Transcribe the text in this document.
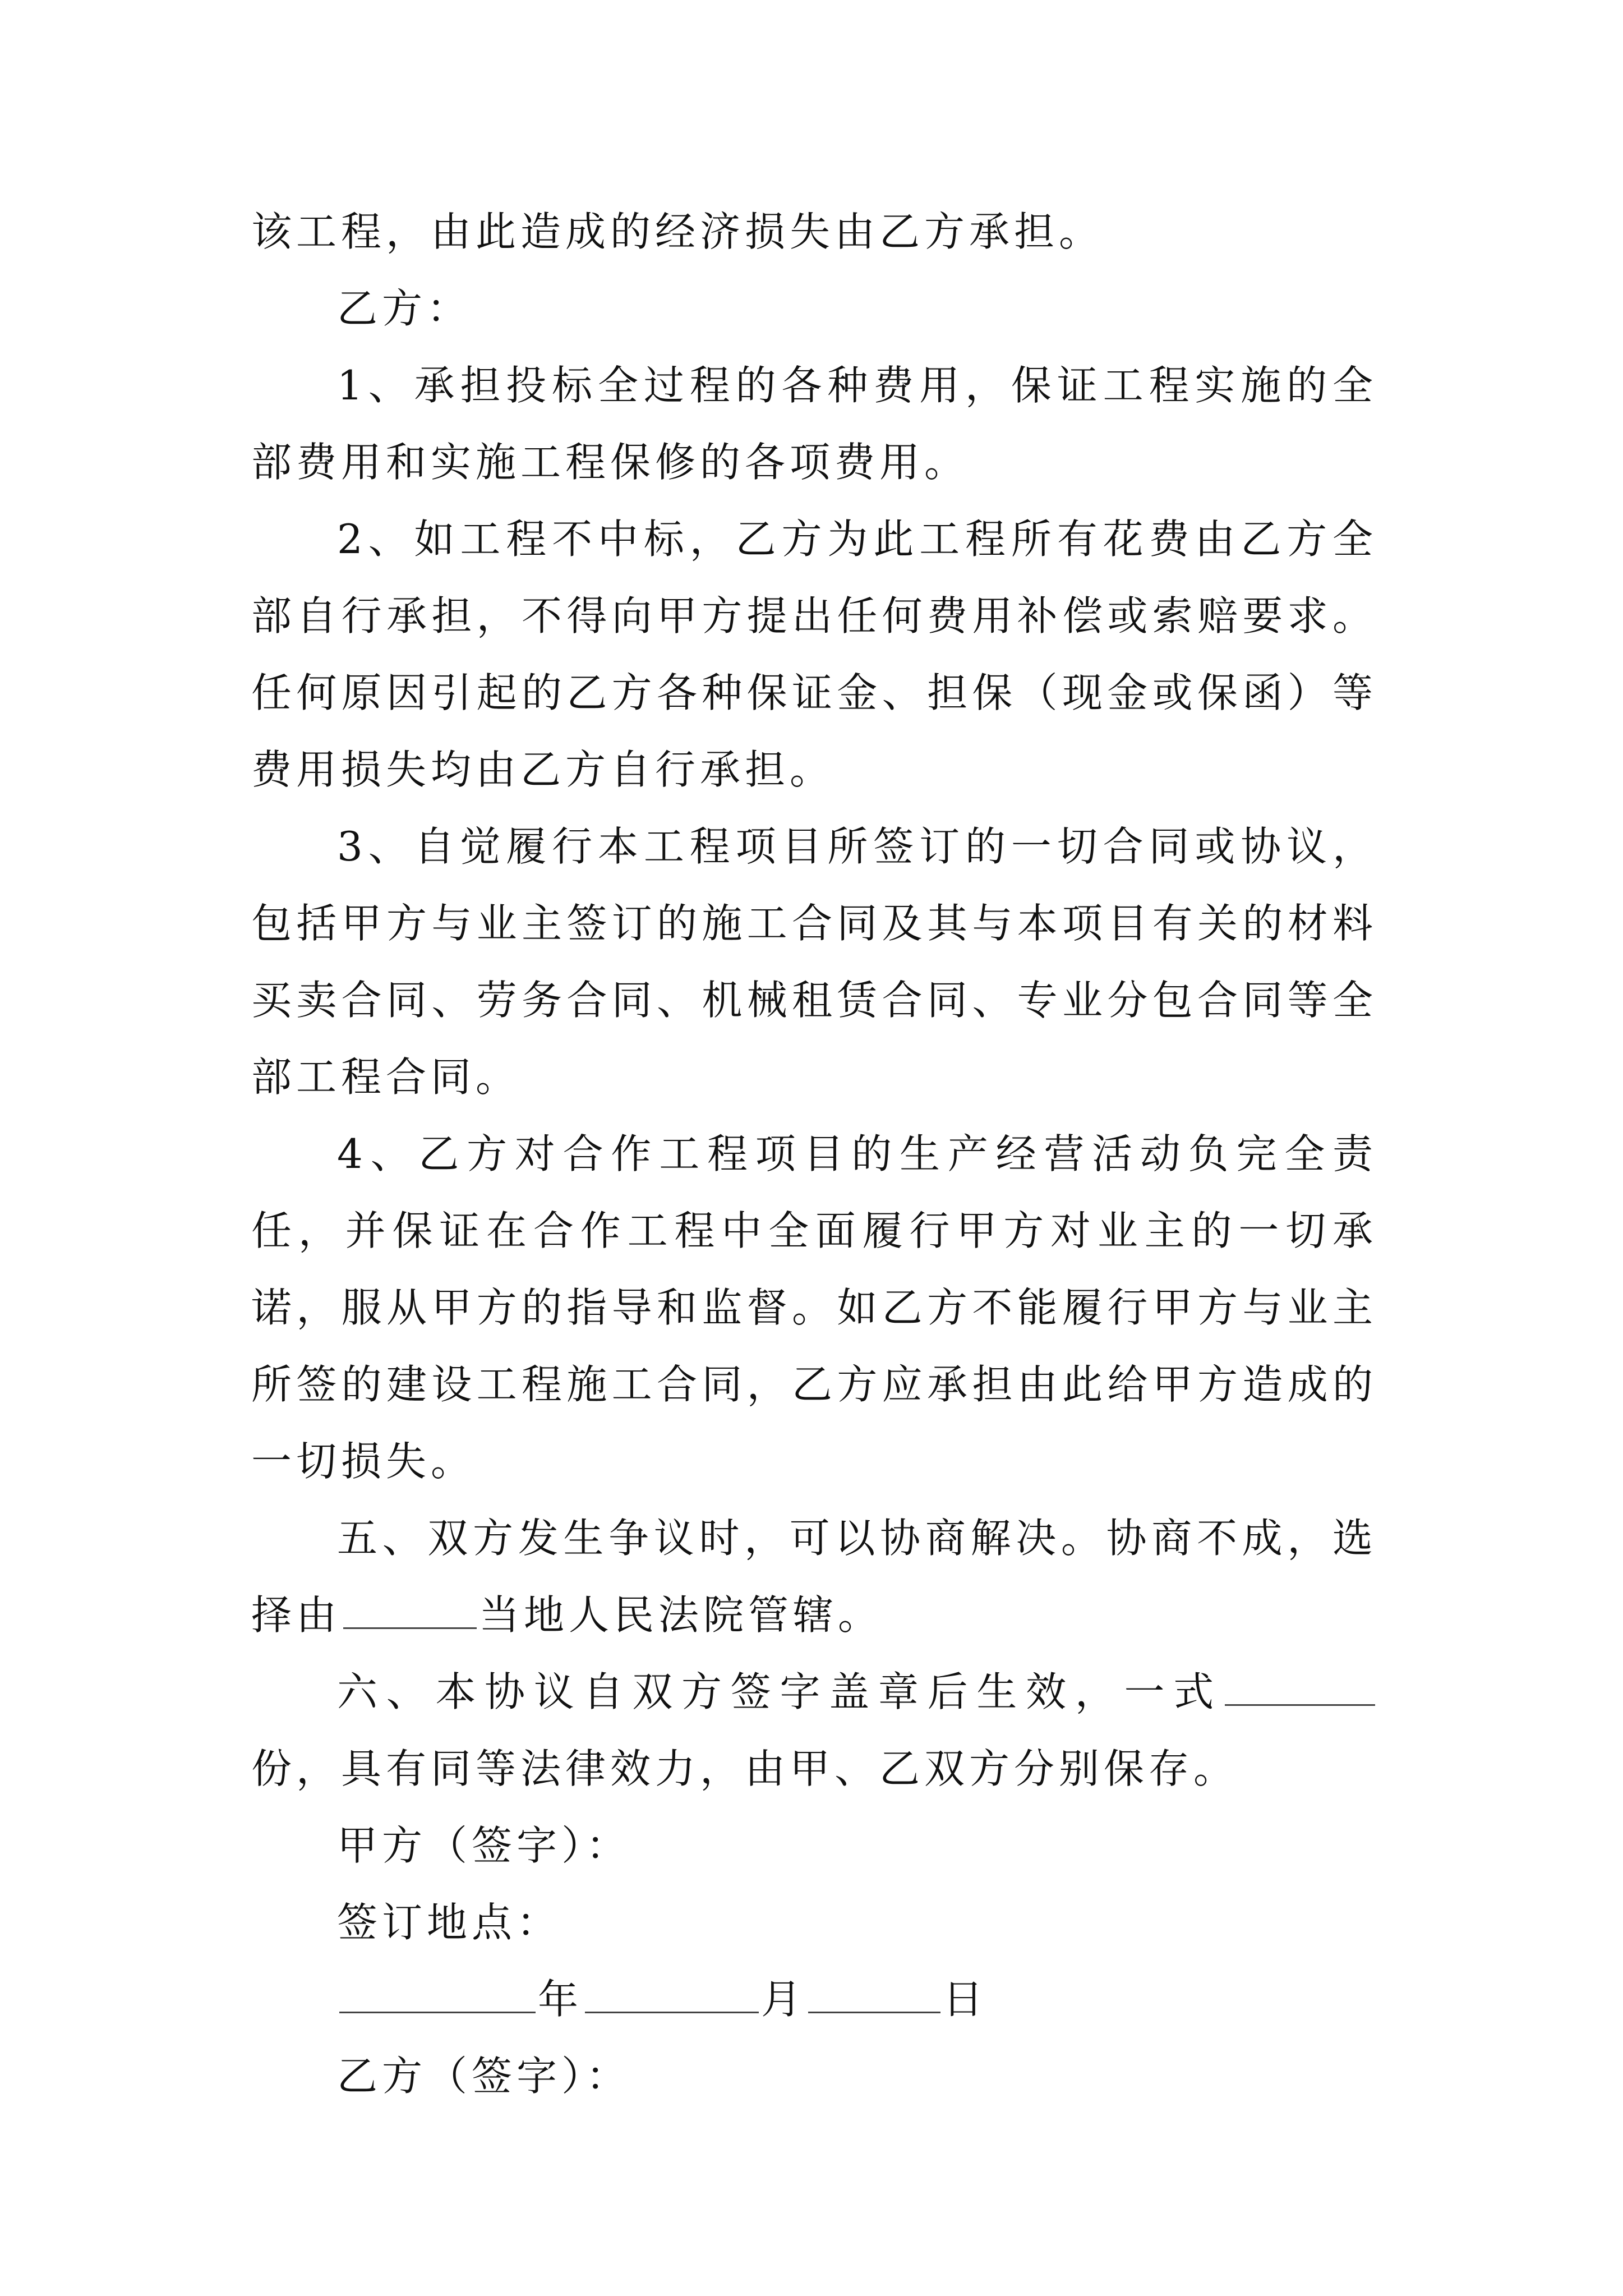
该工程，由此造成的经济损失由乙方承担。

乙方：

1、承担投标全过程的各种费用，保证工程实施的全部费用和实施工程保修的各项费用。

2、如工程不中标，乙方为此工程所有花费由乙方全部自行承担，不得向甲方提出任何费用补偿或索赔要求。任何原因引起的乙方各种保证金、担保（现金或保函）等费用损失均由乙方自行承担。

3、自觉履行本工程项目所签订的一切合同或协议，包括甲方与业主签订的施工合同及其与本项目有关的材料买卖合同、劳务合同、机械租赁合同、专业分包合同等全部工程合同。

4、乙方对合作工程项目的生产经营活动负完全责任，并保证在合作工程中全面履行甲方对业主的一切承诺，服从甲方的指导和监督。如乙方不能履行甲方与业主所签的建设工程施工合同，乙方应承担由此给甲方造成的一切损失。

五、双方发生争议时，可以协商解决。协商不成，选择由	当地人民法院管辖。

六、本协议自双方签字盖章后生效，一式份，具有同等法律效力，由甲、乙双方分别保存。

甲方（签字）：

签订地点：

年	月	日

乙方（签字）：
